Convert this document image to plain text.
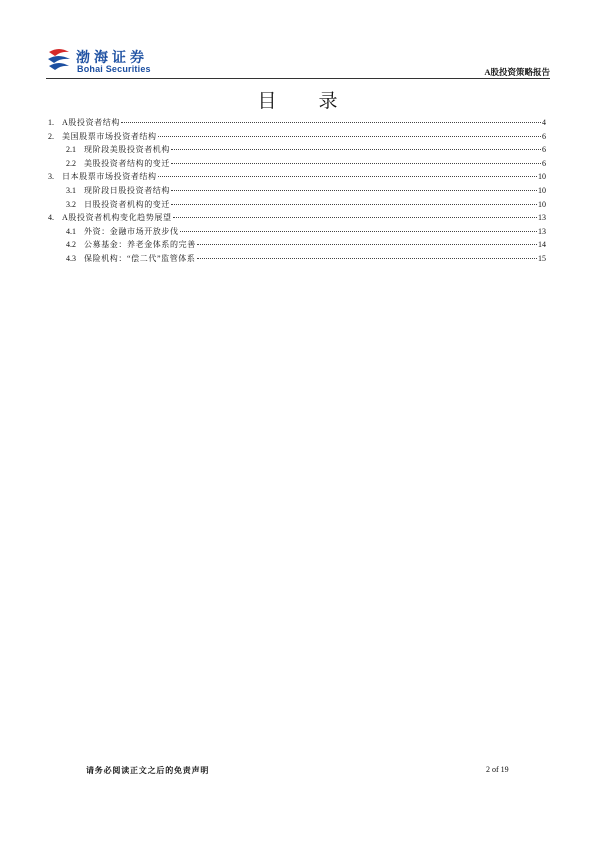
渤海证券
Bohai Securities	A股投资策略报告
目 录
1.	A股投资者结构	4
2.	美国股票市场投资者结构	6
2.1	现阶段美股投资者机构	6
2.2	美股投资者结构的变迁	6
3.	日本股票市场投资者结构	10
3.1	现阶段日股投资者结构	10
3.2	日股投资者机构的变迁	10
4.	A股投资者机构变化趋势展望	13
4.1	外资：金融市场开放步伐	13
4.2	公募基金：养老金体系的完善	14
4.3	保险机构：“偿二代”监管体系	15
请务必阅读正文之后的免责声明	2 of 19
